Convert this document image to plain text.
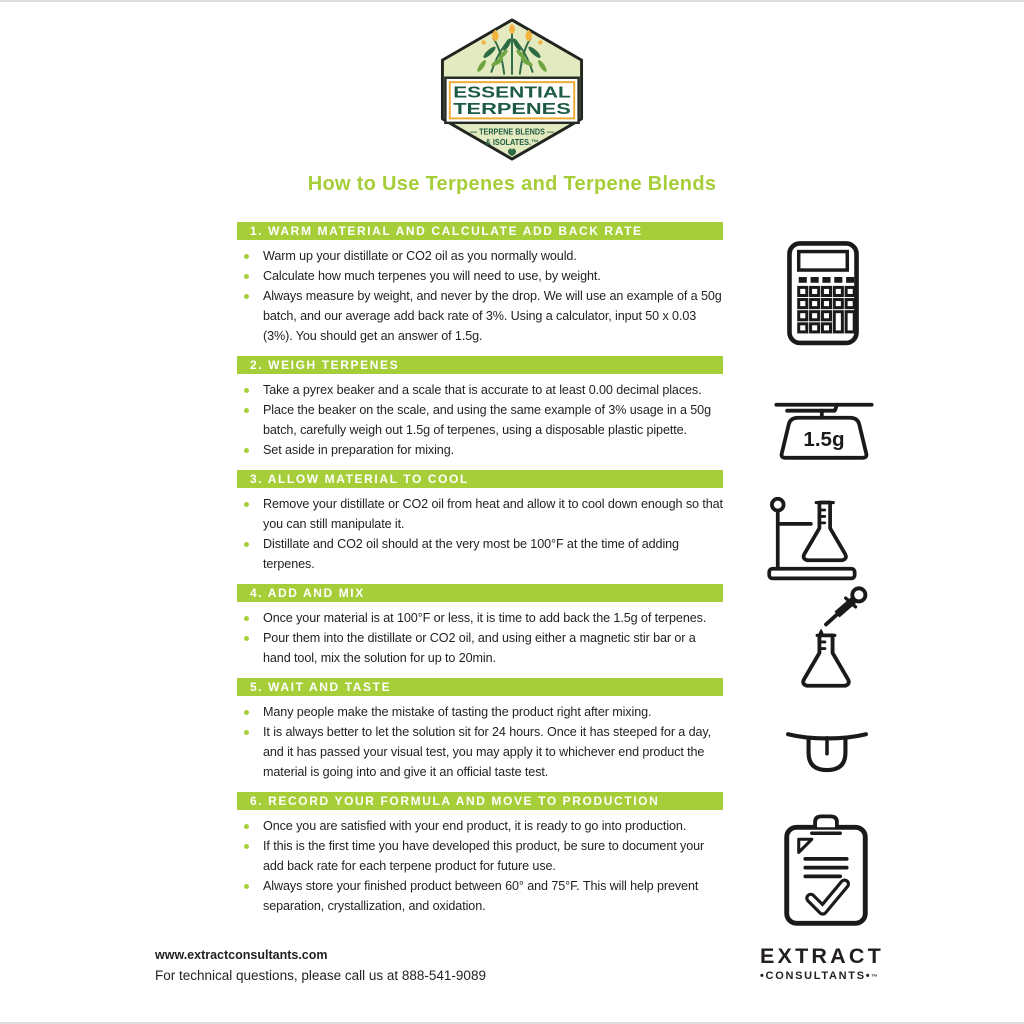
ESSENTIAL
TERPENES
— TERPENE BLENDS —
& ISOLATES.™
How to Use Terpenes and Terpene Blends
1. WARM MATERIAL AND CALCULATE ADD BACK RATE
Warm up your distillate or CO2 oil as you normally would.
Calculate how much terpenes you will need to use, by weight.
Always measure by weight, and never by the drop. We will use an example of a 50g batch, and our average add back rate of 3%. Using a calculator, input 50 x 0.03 (3%). You should get an answer of 1.5g.
2. WEIGH TERPENES
Take a pyrex beaker and a scale that is accurate to at least 0.00 decimal places.
Place the beaker on the scale, and using the same example of 3% usage in a 50g batch, carefully weigh out 1.5g of terpenes, using a disposable plastic pipette.
Set aside in preparation for mixing.
3. ALLOW MATERIAL TO COOL
Remove your distillate or CO2 oil from heat and allow it to cool down enough so that you can still manipulate it.
Distillate and CO2 oil should at the very most be 100°F at the time of adding terpenes.
4. ADD AND MIX
Once your material is at 100°F or less, it is time to add back the 1.5g of terpenes.
Pour them into the distillate or CO2 oil, and using either a magnetic stir bar or a hand tool, mix the solution for up to 20min.
5. WAIT AND TASTE
Many people make the mistake of tasting the product right after mixing.
It is always better to let the solution sit for 24 hours. Once it has steeped for a day, and it has passed your visual test, you may apply it to whichever end product the material is going into and give it an official taste test.
6. RECORD YOUR FORMULA AND MOVE TO PRODUCTION
Once you are satisfied with your end product, it is ready to go into production.
If this is the first time you have developed this product, be sure to document your add back rate for each terpene product for future use.
Always store your finished product between 60° and 75°F. This will help prevent separation, crystallization, and oxidation.
1.5g
www.extractconsultants.com
For technical questions, please call us at 888-541-9089
EXTRACT
•CONSULTANTS•™
